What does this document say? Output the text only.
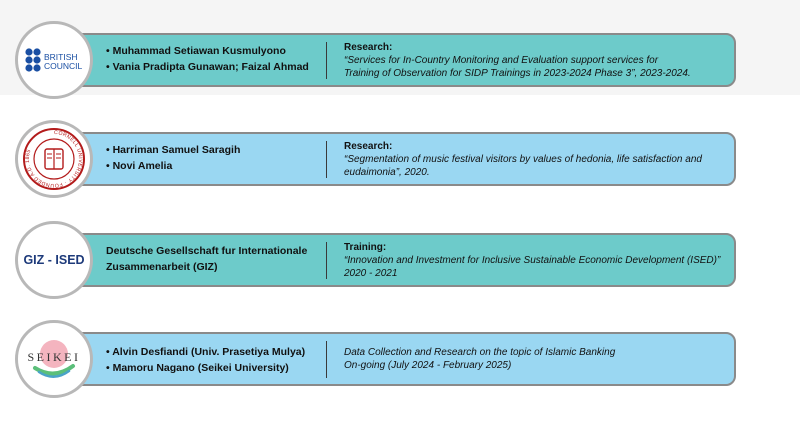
• Muhammad Setiawan Kusmulyono
• Vania Pradipta Gunawan; Faizal Ahmad
Research:
“Services for In-Country Monitoring and Evaluation support services for
Training of Observation for SIDP Trainings in 2023-2024 Phase 3”, 2023-2024.
BRITISH
COUNCIL
• Harriman Samuel Saragih
• Novi Amelia
Research:
“Segmentation of music festival visitors by values of hedonia, life satisfaction and
eudaimonia”, 2020.
CORNELL UNIVERSITY · FOUNDED A.D. 1865
Deutsche Gesellschaft fur Internationale
Zusammenarbeit (GIZ)
Training:
“Innovation and Investment for Inclusive Sustainable Economic Development (ISED)”
2020 - 2021
GIZ - ISED
• Alvin Desfiandi (Univ. Prasetiya Mulya)
• Mamoru Nagano (Seikei University)
Data Collection and Research on the topic of Islamic Banking
On-going (July 2024 - February 2025)
SEIKEI
